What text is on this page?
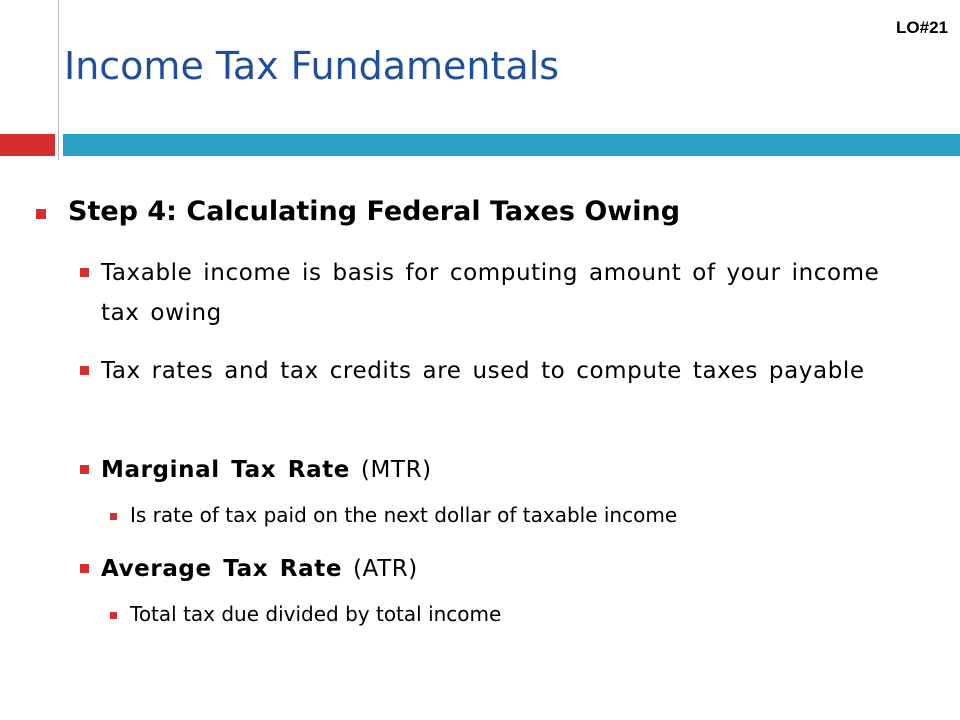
LO#21
Income Tax Fundamentals
Step 4: Calculating Federal Taxes Owing
Taxable income is basis for computing amount of your income tax owing
Tax rates and tax credits are used to compute taxes payable
Marginal Tax Rate (MTR)
Is rate of tax paid on the next dollar of taxable income
Average Tax Rate (ATR)
Total tax due divided by total income
